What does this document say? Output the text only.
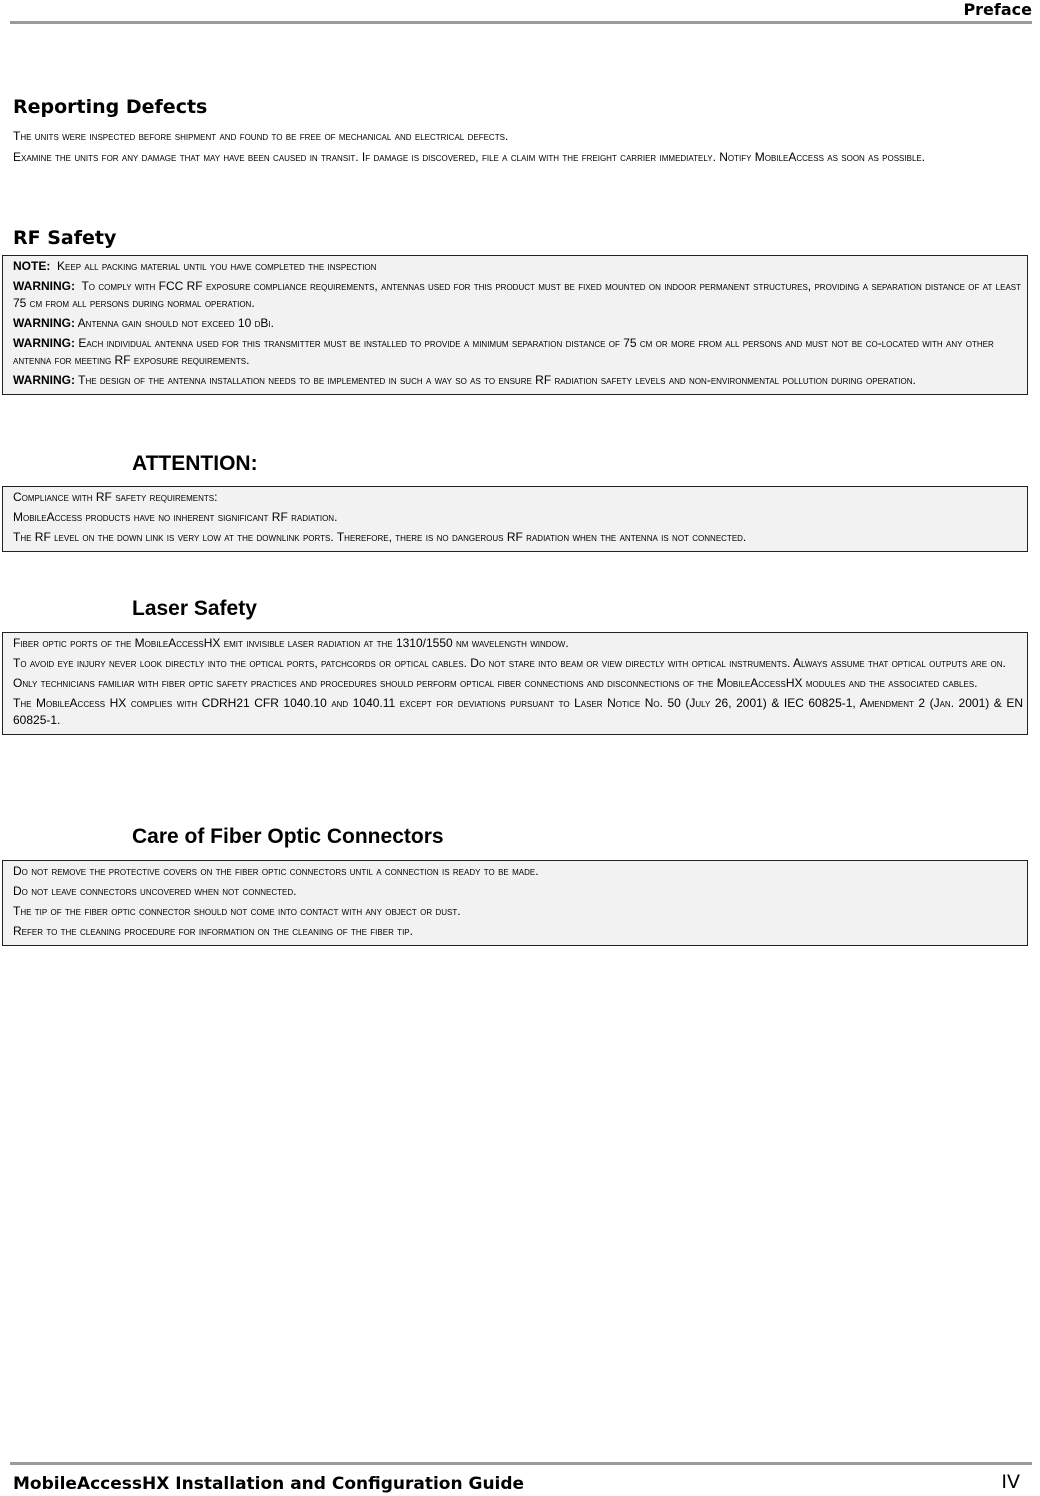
Preface
Reporting Defects

The units were inspected before shipment and found to be free of mechanical and electrical defects.

Examine the units for any damage that may have been caused in transit. If damage is discovered, file a claim with the freight carrier immediately. Notify MobileAccess as soon as possible.

RF Safety

NOTE: Keep all packing material until you have completed the inspection

WARNING: To comply with FCC RF exposure compliance requirements, antennas used for this product must be fixed mounted on indoor permanent structures, providing a separation distance of at least 75 cm from all persons during normal operation.

WARNING: Antenna gain should not exceed 10 dBi.

WARNING: Each individual antenna used for this transmitter must be installed to provide a minimum separation distance of 75 cm or more from all persons and must not be co-located with any other antenna for meeting RF exposure requirements.

WARNING: The design of the antenna installation needs to be implemented in such a way so as to ensure RF radiation safety levels and non-environmental pollution during operation.

ATTENTION:

Compliance with RF safety requirements:

MobileAccess products have no inherent significant RF radiation.

The RF level on the down link is very low at the downlink ports. Therefore, there is no dangerous RF radiation when the antenna is not connected.

Laser Safety

Fiber optic ports of the MobileAccessHX emit invisible laser radiation at the 1310/1550 nm wavelength window.

To avoid eye injury never look directly into the optical ports, patchcords or optical cables. Do not stare into beam or view directly with optical instruments. Always assume that optical outputs are on.

Only technicians familiar with fiber optic safety practices and procedures should perform optical fiber connections and disconnections of the MobileAccessHX modules and the associated cables.

The MobileAccess HX complies with CDRH21 CFR 1040.10 and 1040.11 except for deviations pursuant to Laser Notice No. 50 (July 26, 2001) & IEC 60825-1, Amendment 2 (Jan. 2001) & EN 60825-1.

Care of Fiber Optic Connectors

Do not remove the protective covers on the fiber optic connectors until a connection is ready to be made.

Do not leave connectors uncovered when not connected.

The tip of the fiber optic connector should not come into contact with any object or dust.

Refer to the cleaning procedure for information on the cleaning of the fiber tip.

MobileAccessHX Installation and Configuration Guide	IV
